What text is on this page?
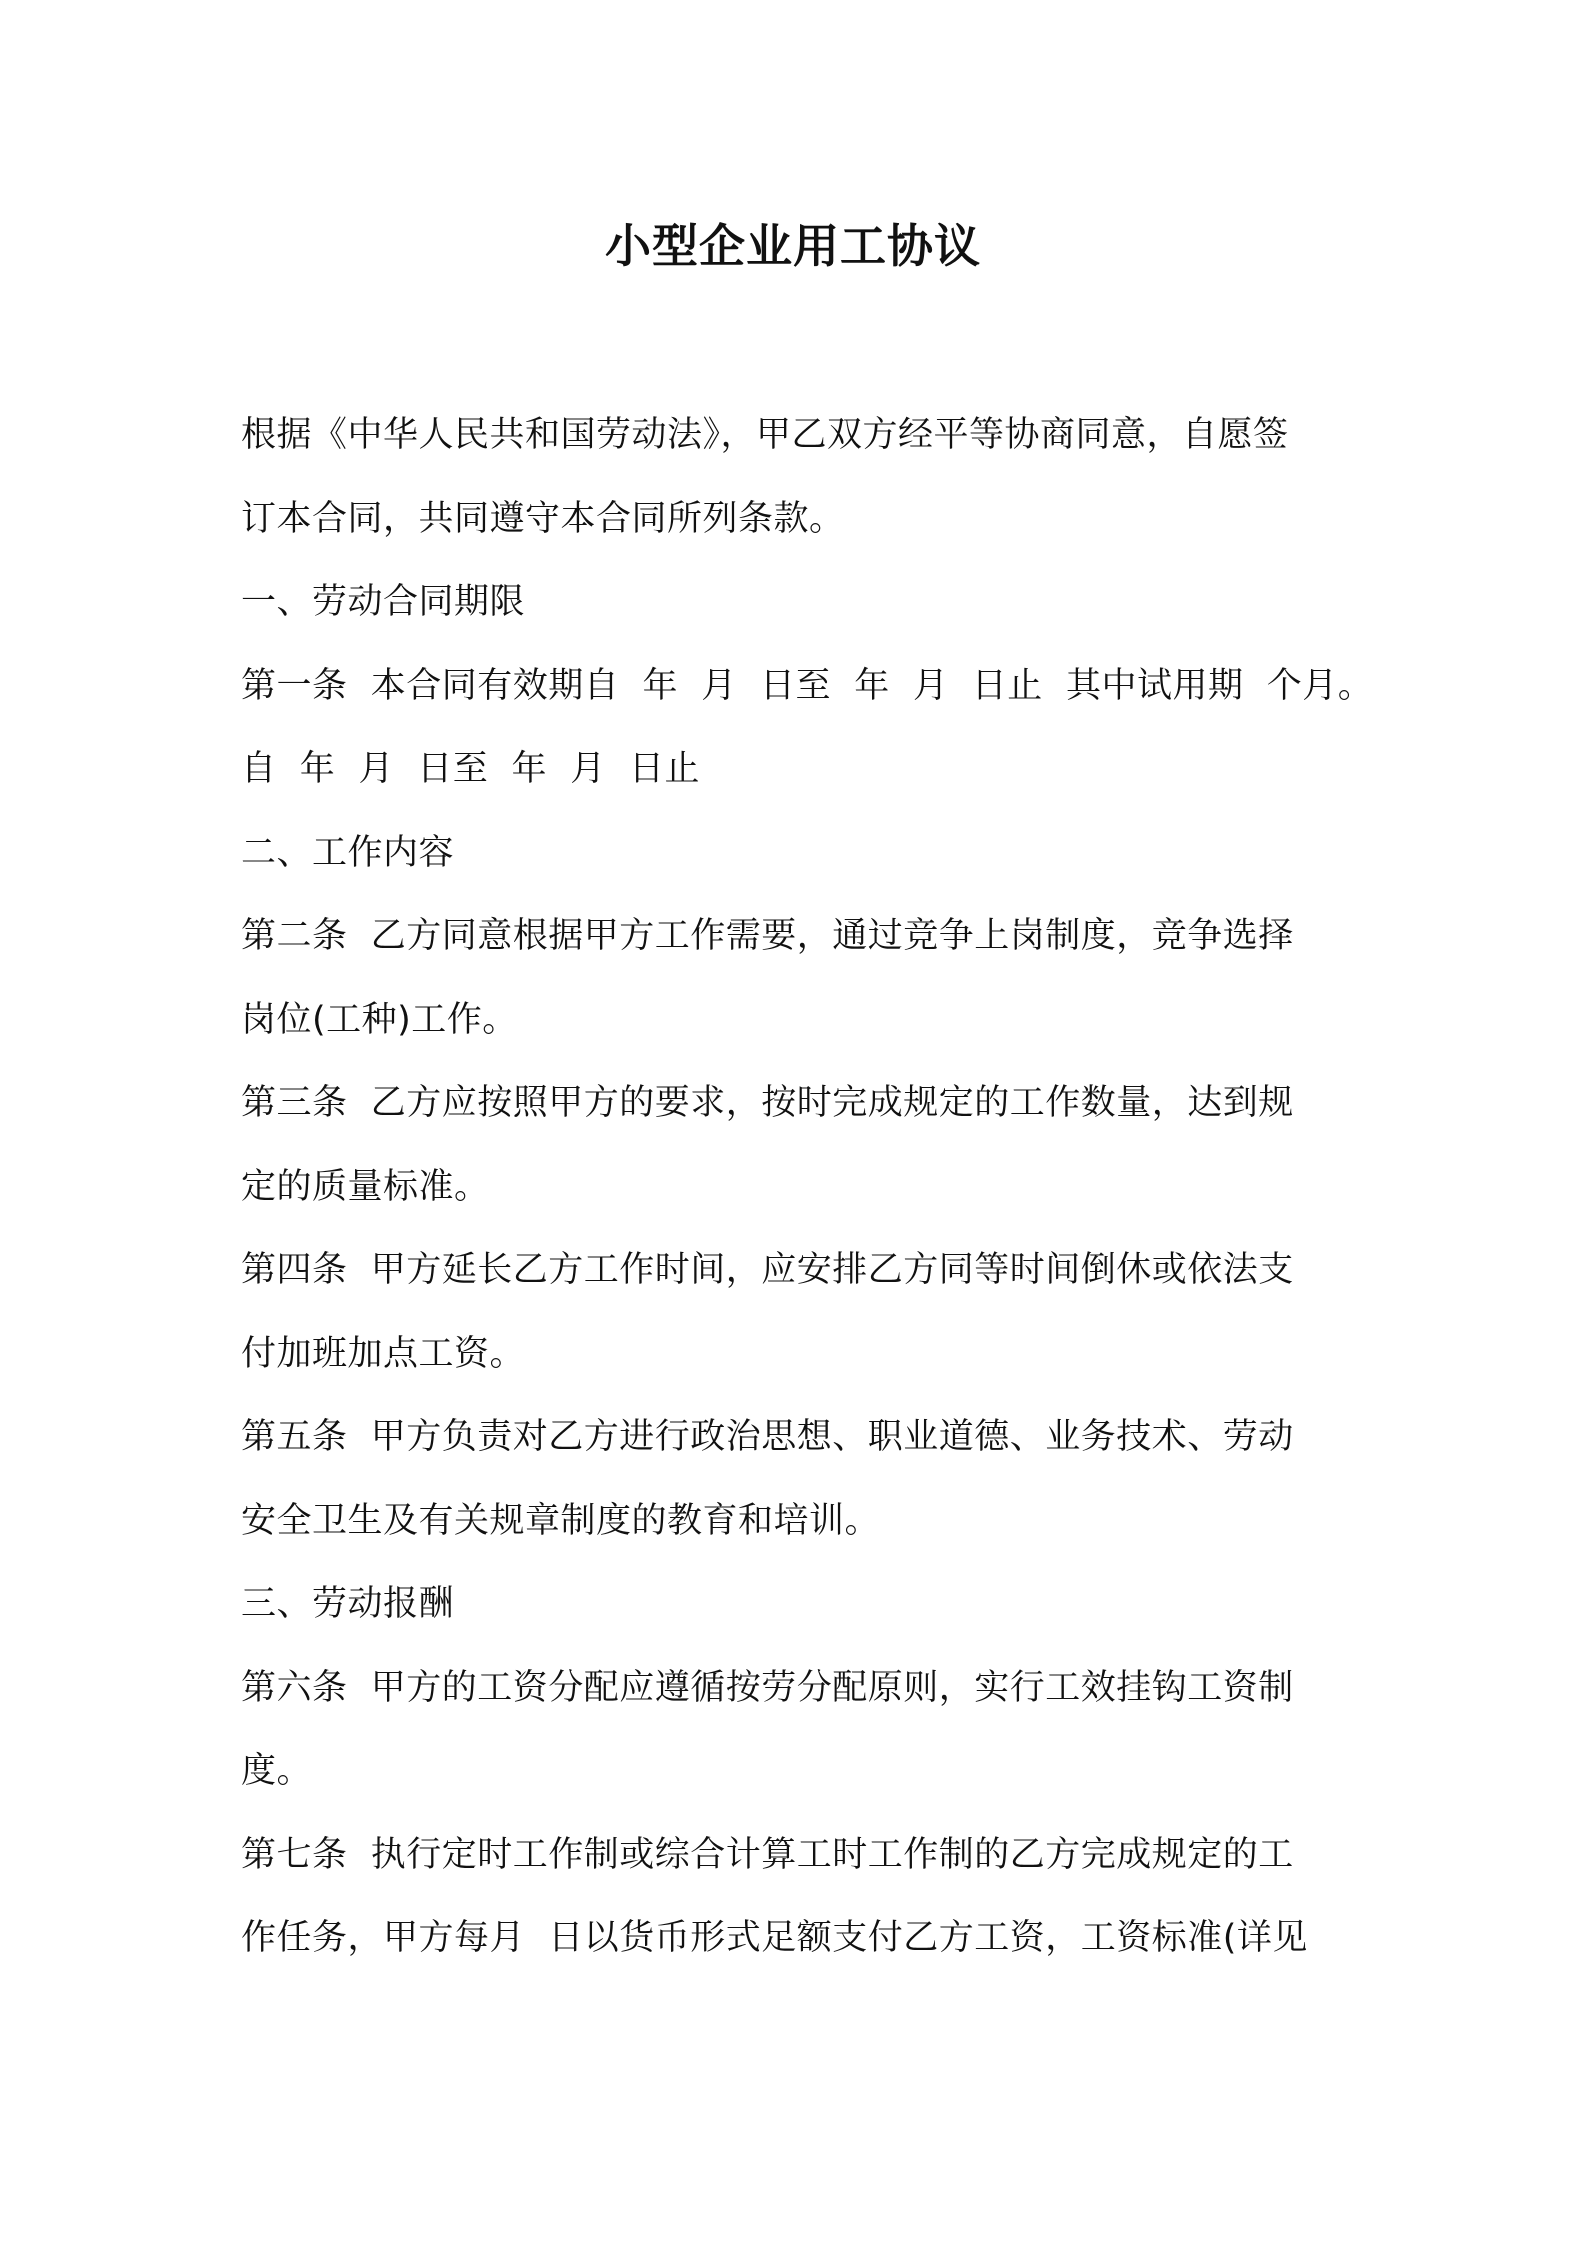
小型企业用工协议

根据《中华人民共和国劳动法》，甲乙双方经平等协商同意，自愿签

订本合同，共同遵守本合同所列条款。

一、劳动合同期限

第一条  本合同有效期自  年  月  日至  年  月  日止  其中试用期  个月。

自  年  月  日至  年  月  日止

二、工作内容

第二条  乙方同意根据甲方工作需要，通过竞争上岗制度，竞争选择

岗位(工种)工作。

第三条  乙方应按照甲方的要求，按时完成规定的工作数量，达到规

定的质量标准。

第四条  甲方延长乙方工作时间，应安排乙方同等时间倒休或依法支

付加班加点工资。

第五条  甲方负责对乙方进行政治思想、职业道德、业务技术、劳动

安全卫生及有关规章制度的教育和培训。

三、劳动报酬

第六条  甲方的工资分配应遵循按劳分配原则，实行工效挂钩工资制

度。

第七条  执行定时工作制或综合计算工时工作制的乙方完成规定的工

作任务，甲方每月  日以货币形式足额支付乙方工资，工资标准(详见
